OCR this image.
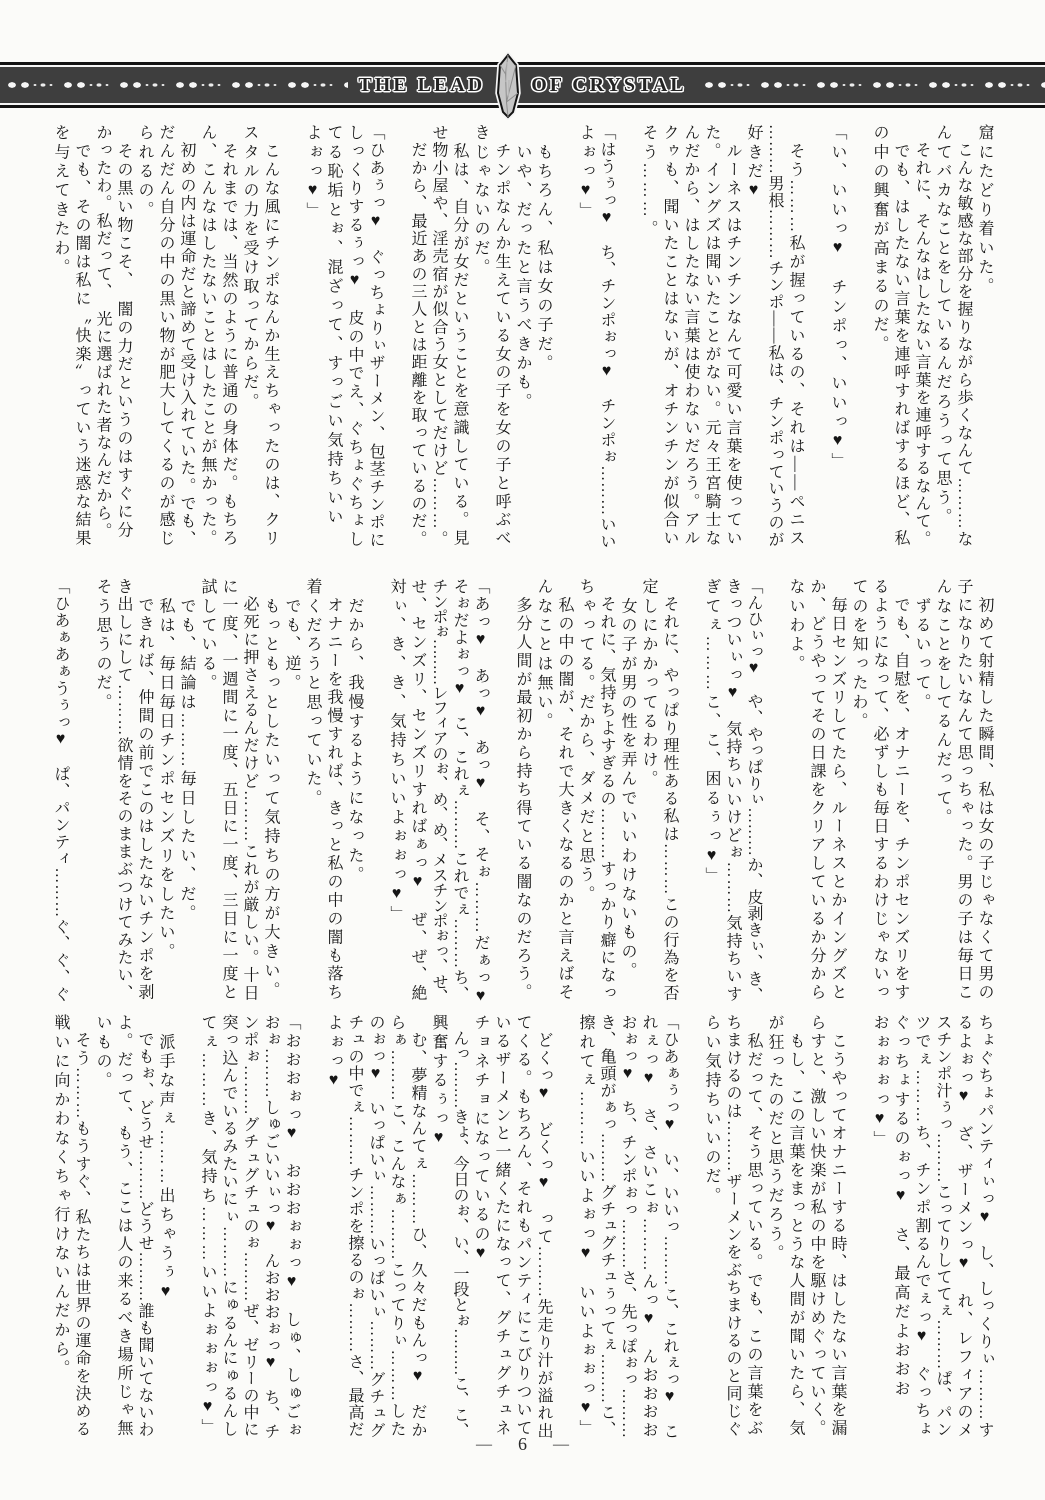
THE LEAD OF CRYSTAL
窟にたどり着いた。
　こんな敏感な部分を握りながら歩くなんて………な
んてバカなことをしているんだろうって思う。
　それに、そんなはしたない言葉を連呼するなんて。
　でも、はしたない言葉を連呼すればするほど、私
の中の興奮が高まるのだ。

「い、いいっ♥　チンポっ、いいっ♥」

　そう………私が握っているの、それは――ペニス
………男根………チンポ――私は、チンポっていうのが
好きだ♥
　ルーネスはチンチンなんて可愛い言葉を使ってい
た。イングズは聞いたことがない。元々王宮騎士な
んだから、はしたない言葉は使わないだろう。アル
クゥも、聞いたことはないが、オチンチンが似合い
そう………。

「はうぅっ♥　ち、チンポぉっ♥　チンポぉ………いい
よぉっ♥」

　もちろん、私は女の子だ。
　いや、だったと言うべきかも。
　チンポなんか生えている女の子を女の子と呼ぶべ
きじゃないのだ。
　私は、自分が女だということを意識している。見
せ物小屋や、淫売宿が似合う女としてだけど………。
　だから、最近あの三人とは距離を取っているのだ。

「ひあぅっ♥　ぐっちょりぃザーメン、包茎チンポに
しっくりするぅっ♥　皮の中でえ、ぐちょぐちょし
てる恥垢とぉ、混ざって、すっごい気持ちいい
よぉっ♥」

　こんな風にチンポなんか生えちゃったのは、クリ
スタルの力を受け取ってからだ。
　それまでは、当然のように普通の身体だ。もちろ
ん、こんなはしたないことはしたことが無かった。
　初めの内は運命だと諦めて受け入れていた。でも、
だんだん自分の中の黒い物が肥大してくるのが感じ
られるの。
　その黒い物こそ、　闇の力だというのはすぐに分
かったわ。私だって、　光に選ばれた者なんだから。
　でも、その闇は私に〝快楽〟っていう迷惑な結果
を与えてきたわ。
　初めて射精した瞬間、私は女の子じゃなくて男の
子になりたいなんて思っちゃった。男の子は毎日こ
んなことをしてるんだって。
　ずるいって。
　でも、自慰を、オナニーを、チンポセンズリをす
るようになって、必ずしも毎日するわけじゃないっ
てのを知ったわ。
　毎日センズリしてたら、ルーネスとかイングズと
か、どうやってその日課をクリアしているか分から
ないわよ。

「んひぃっ♥　や、やっぱりぃ………か、皮剥きぃ、き、
きっついぃっ♥　気持ちいいけどぉ………気持ちいす
ぎてぇ………こ、こ、困るぅっ♥」

　それに、やっぱり理性ある私は………この行為を否
定しにかかってるわけ。
　女の子が男の性を弄んでいいわけないもの。
　それに、気持ちよすぎるの………すっかり癖になっ
ちゃってる。だから、ダメだと思う。
　私の中の闇が、それで大きくなるのかと言えばそ
んなことは無い。
　多分人間が最初から持ち得ている闇なのだろう。

「あっ♥　あっ♥　あっ♥　そ、そぉ………だぁっ♥
そぉだよぉっ♥　こ、これぇ………これでぇ………ち、
チンポぉ………レフィアのぉ、め、め、メスチンポぉっ、せ、
せ、センズリ、センズリすればぁっ♥　ぜ、ぜ、絶
対ぃ、き、き、気持ちいいよぉぉっ♥」

　だから、我慢するようになった。
　オナニーを我慢すれば、きっと私の中の闇も落ち
着くだろうと思っていた。
　でも、逆。
　もっともっとしたいって気持ちの方が大きい。
　必死に押さえるんだけど………これが厳しい。十日
に一度、一週間に一度、五日に一度、三日に一度と
試している。
　でも、結論は………毎日したい、だ。
　私は、毎日毎日チンポセンズリをしたい。
　できれば、仲間の前でこのはしたないチンポを剥
き出しにして………欲情をそのままぶつけてみたい、
そう思うのだ。

「ひあぁあぁうぅっ♥　ぱ、パンティ………ぐ、ぐ、ぐ
ちょぐちょパンティぃっ♥　し、しっくりぃ………す
るよぉっ♥　ざ、ザーメンっ♥　れ、レフィアのメ
スチンポ汁ぅっ………こってりしててぇ………ぱ、パン
ツでぇ………ち、チンポ割るんでぇっ♥　ぐっちょ
ぐっちょするのぉっ♥　さ、最高だよおおお
おぉぉぉっ♥」

　こうやってオナニーする時、はしたない言葉を漏
らすと、激しい快楽が私の中を駆けめぐっていく。
　もし、この言葉をまっとうな人間が聞いたら、気
が狂ったのだと思うだろう。
　私だって、そう思っている。でも、この言葉をぶ
ちまけるのは………ザーメンをぶちまけるのと同じぐ
らい気持ちいいのだ。

「ひあぁぅっ♥　い、いいっ………こ、これぇっ♥　こ
れぇっ♥　さ、さいこぉ………んっ♥　んおおおお
おぉっ♥　ち、チンポぉっ………さ、先っぽぉっ………
き、亀頭がぁっ………グチュグチュぅってぇ………こ、
擦れてぇ………いいよぉっ♥　いいよぉぉっ♥」

　どくっ♥　どくっ♥　って………先走り汁が溢れ出
てくる。もちろん、それもパンティにこびりついて
いるザーメンと一緒くたになって、グチュグチュネ
チョネチョになっているの♥
　んっ………きょ、今日のぉ、い、一段とぉ………こ、こ、
興奮するぅっ♥
　む、夢精なんてぇ………ひ、久々だもんっ♥　だか
らぁ………こ、こんなぁ………こってりぃ………した
のぉっ♥　いっぱいぃ………いっぱいぃ………グチュグ
チュの中でぇ………チンポを擦るのぉ………さ、最高だ
よぉっ♥

「おおおぉっ♥　おおおぉぉっ♥　しゅ、しゅごぉ
おぉ………しゅごいいぃっ♥　んおおおぉっ♥　ち、チ
ンポぉ………グチュグチュのぉ………ぜ、ゼリーの中に
突っ込んでいるみたいにぃ………にゅるんにゅるんし
てぇ………き、気持ち………いいよぉぉぉっ♥」

　派手な声ぇ………出ちゃうぅ♥
　でもぉ、どうせ………どうせ………誰も聞いてないわ
よ。だって、もう、ここは人の来るべき場所じゃ無
いもの。
　そう………もうすぐ、私たちは世界の運命を決める
戦いに向かわなくちゃ行けないんだから。
— 6 —
